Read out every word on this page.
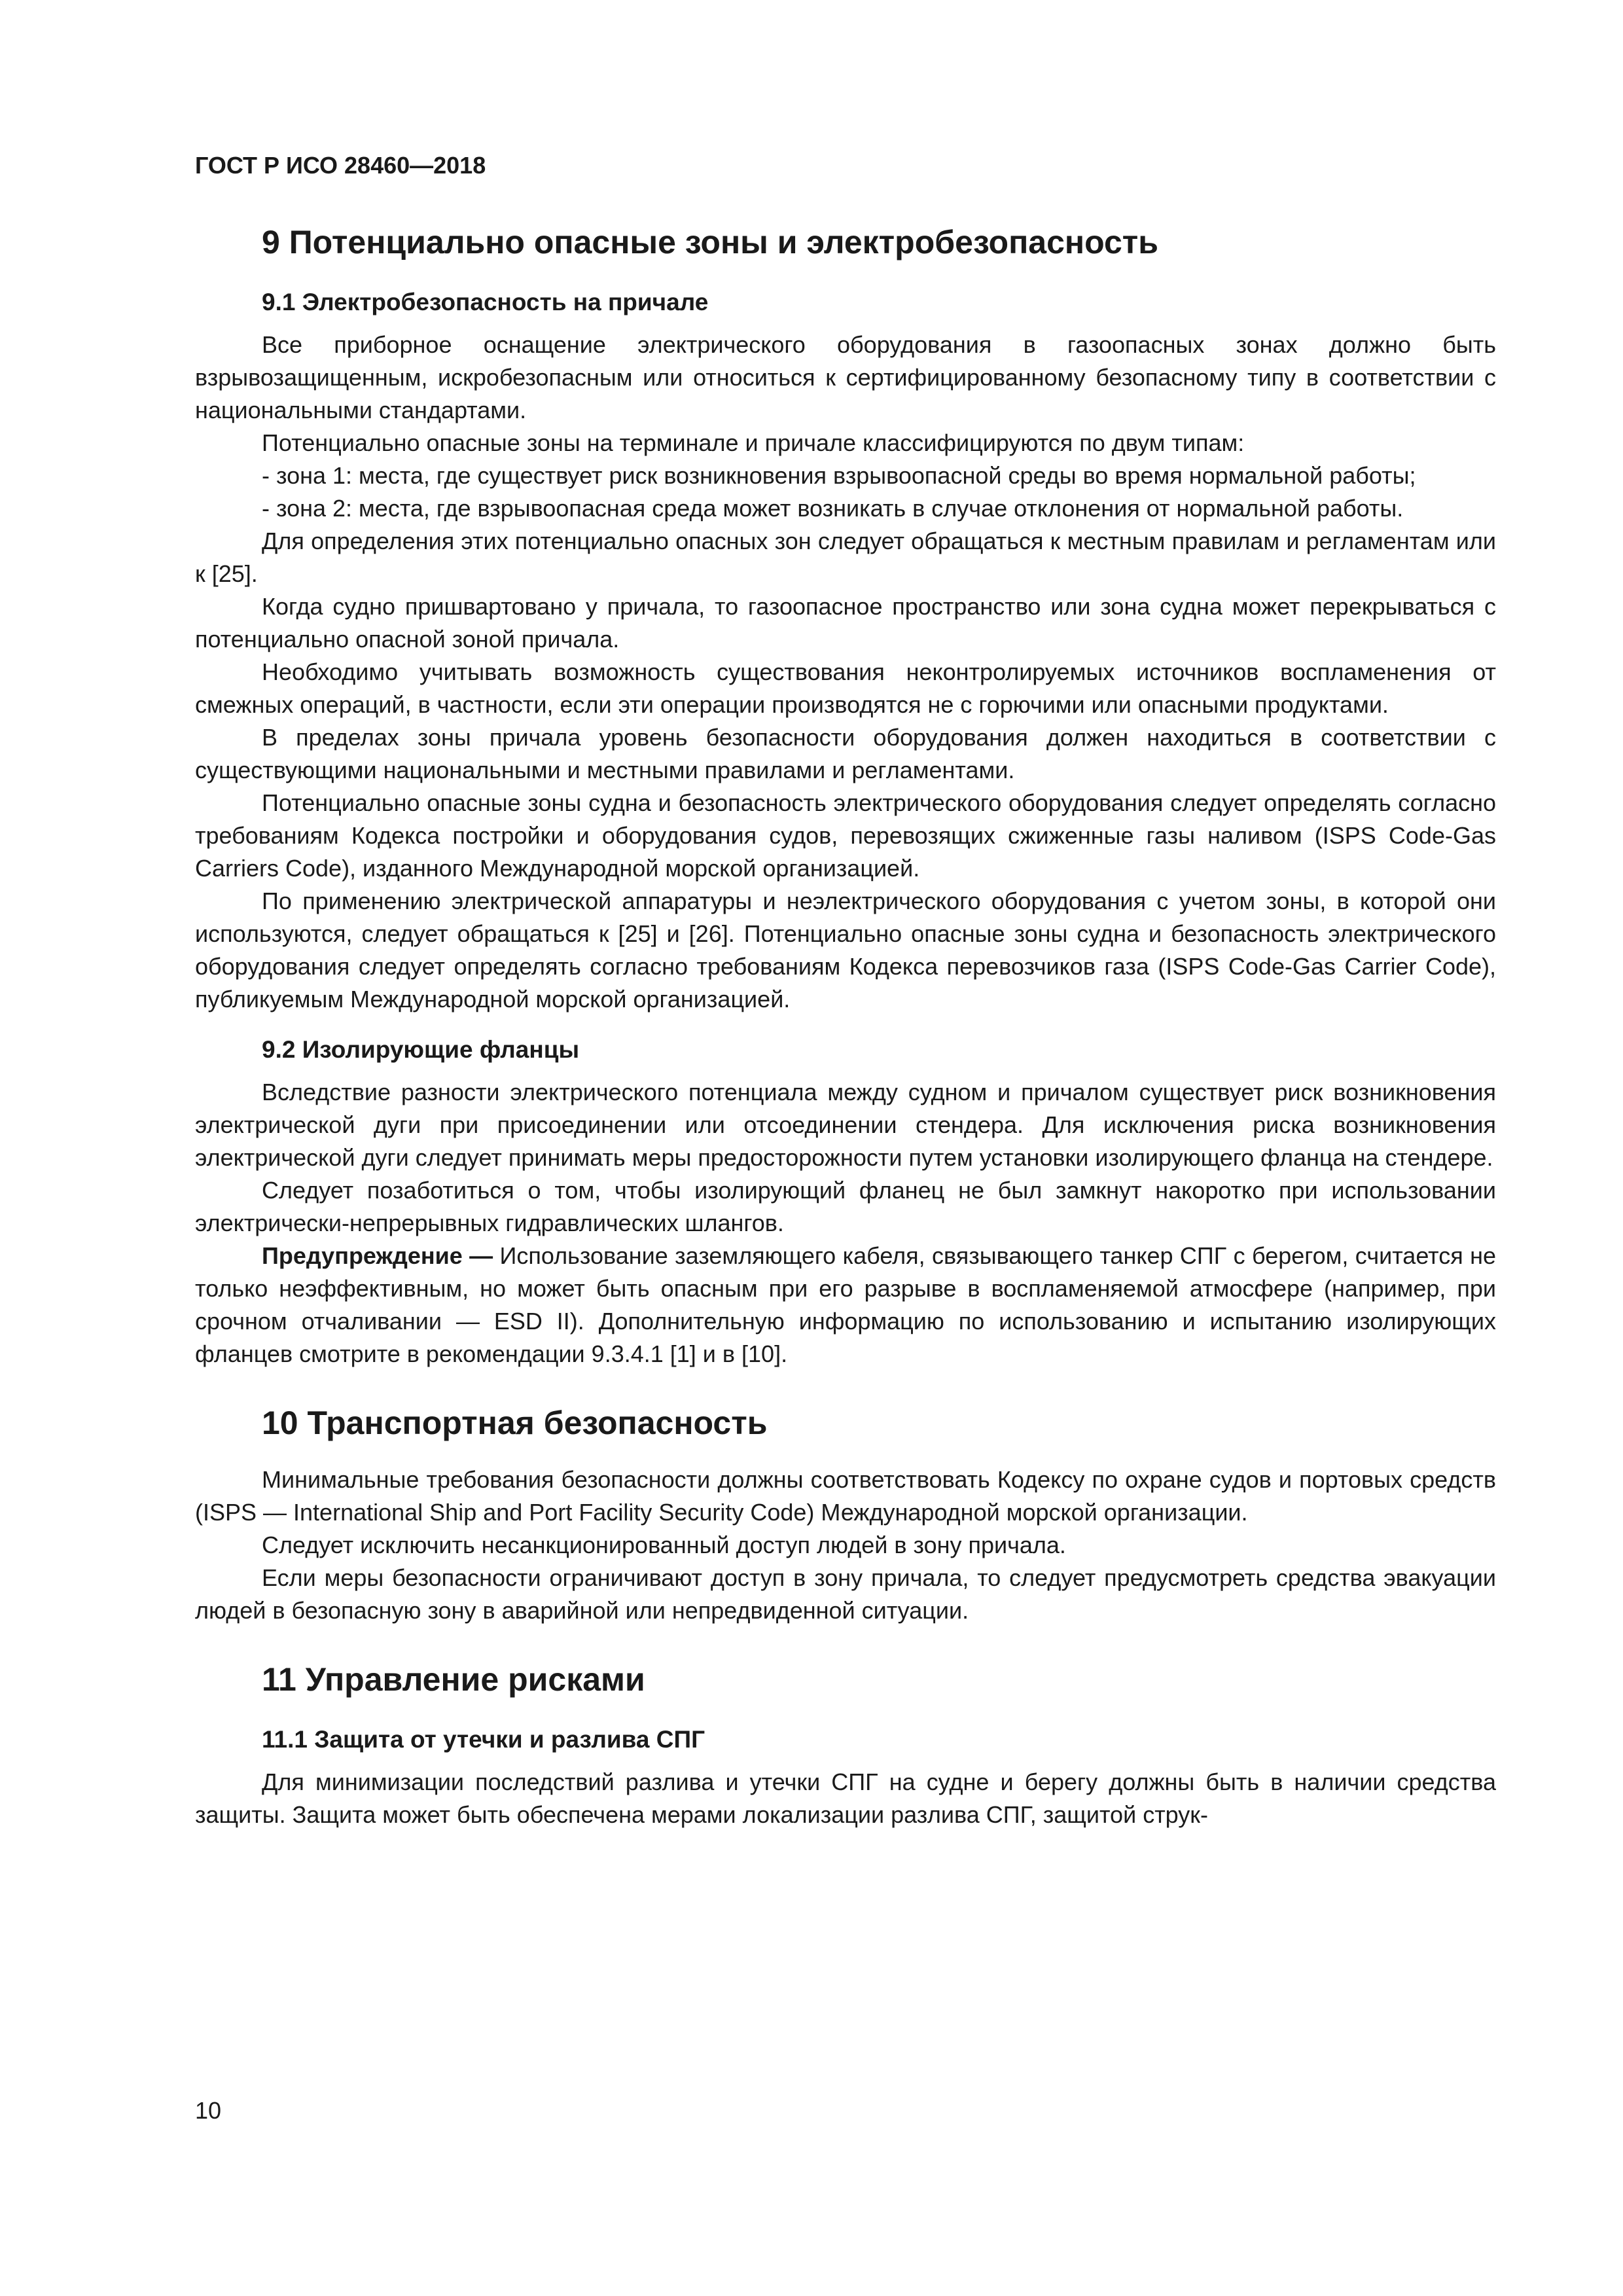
ГОСТ Р ИСО 28460—2018
9 Потенциально опасные зоны и электробезопасность
9.1 Электробезопасность на причале

Все приборное оснащение электрического оборудования в газоопасных зонах должно быть взрывозащищенным, искробезопасным или относиться к сертифицированному безопасному типу в соответствии с национальными стандартами.

Потенциально опасные зоны на терминале и причале классифицируются по двум типам:

- зона 1: места, где существует риск возникновения взрывоопасной среды во время нормальной работы;

- зона 2: места, где взрывоопасная среда может возникать в случае отклонения от нормальной работы.

Для определения этих потенциально опасных зон следует обращаться к местным правилам и регламентам или к [25].

Когда судно пришвартовано у причала, то газоопасное пространство или зона судна может перекрываться с потенциально опасной зоной причала.

Необходимо учитывать возможность существования неконтролируемых источников воспламенения от смежных операций, в частности, если эти операции производятся не с горючими или опасными продуктами.

В пределах зоны причала уровень безопасности оборудования должен находиться в соответствии с существующими национальными и местными правилами и регламентами.

Потенциально опасные зоны судна и безопасность электрического оборудования следует определять согласно требованиям Кодекса постройки и оборудования судов, перевозящих сжиженные газы наливом (ISPS Code-Gas Carriers Code), изданного Международной морской организацией.

По применению электрической аппаратуры и неэлектрического оборудования с учетом зоны, в которой они используются, следует обращаться к [25] и [26]. Потенциально опасные зоны судна и безопасность электрического оборудования следует определять согласно требованиям Кодекса перевозчиков газа (ISPS Code-Gas Carrier Code), публикуемым Международной морской организацией.

9.2 Изолирующие фланцы

Вследствие разности электрического потенциала между судном и причалом существует риск возникновения электрической дуги при присоединении или отсоединении стендера. Для исключения риска возникновения электрической дуги следует принимать меры предосторожности путем установки изолирующего фланца на стендере.

Следует позаботиться о том, чтобы изолирующий фланец не был замкнут накоротко при использовании электрически-непрерывных гидравлических шлангов.

Предупреждение — Использование заземляющего кабеля, связывающего танкер СПГ с берегом, считается не только неэффективным, но может быть опасным при его разрыве в воспламеняемой атмосфере (например, при срочном отчаливании — ESD II). Дополнительную информацию по использованию и испытанию изолирующих фланцев смотрите в рекомендации 9.3.4.1 [1] и в [10].

10 Транспортная безопасность

Минимальные требования безопасности должны соответствовать Кодексу по охране судов и портовых средств (ISPS — International Ship and Port Facility Security Code) Международной морской организации.

Следует исключить несанкционированный доступ людей в зону причала.

Если меры безопасности ограничивают доступ в зону причала, то следует предусмотреть средства эвакуации людей в безопасную зону в аварийной или непредвиденной ситуации.

11 Управление рисками
11.1 Защита от утечки и разлива СПГ

Для минимизации последствий разлива и утечки СПГ на судне и берегу должны быть в наличии средства защиты. Защита может быть обеспечена мерами локализации разлива СПГ, защитой струк-

10
